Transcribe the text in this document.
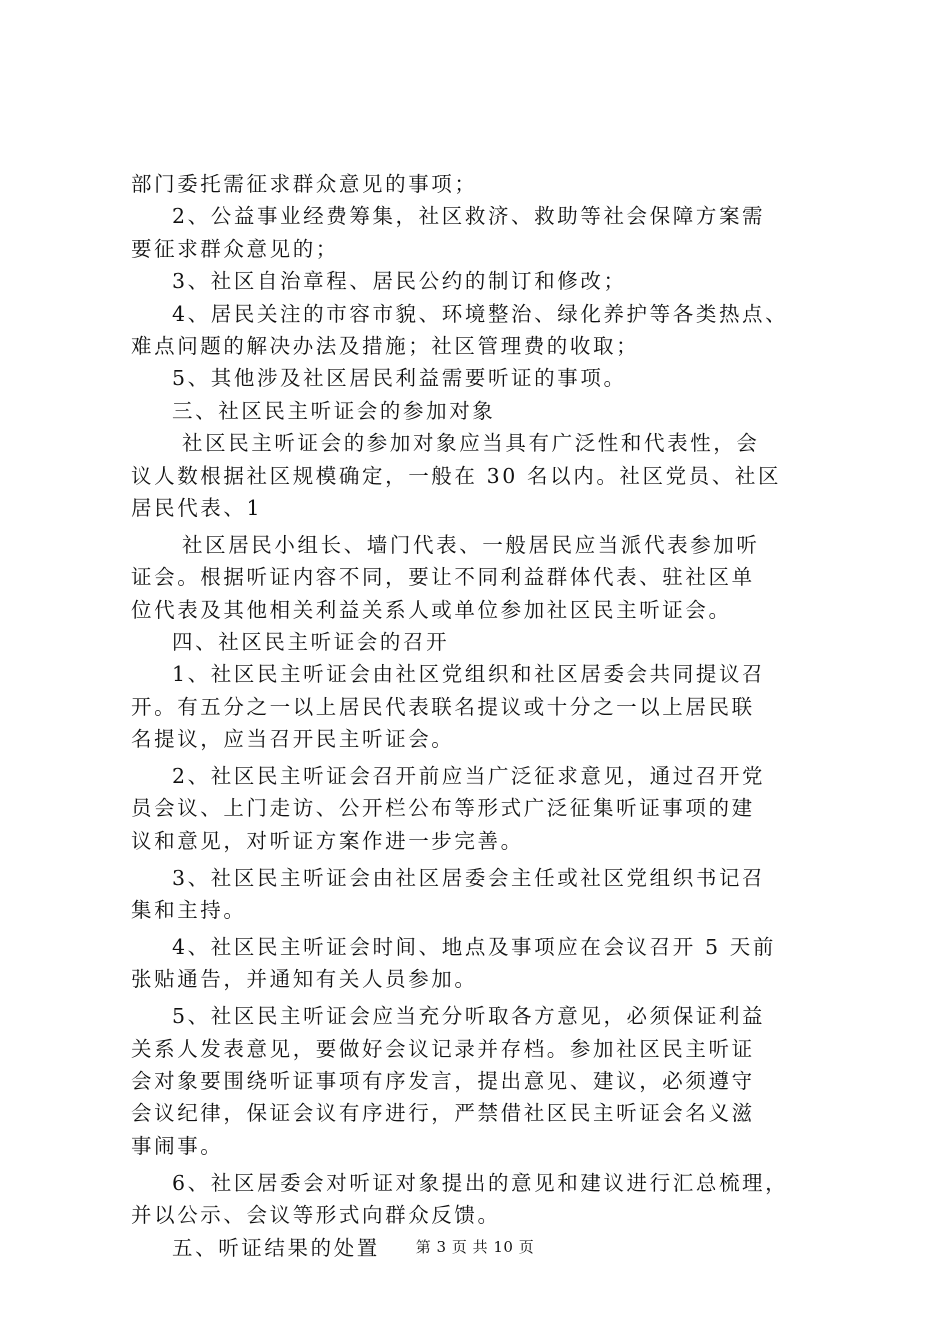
部门委托需征求群众意见的事项；
2、公益事业经费筹集，社区救济、救助等社会保障方案需
要征求群众意见的；
3、社区自治章程、居民公约的制订和修改；
4、居民关注的市容市貌、环境整治、绿化养护等各类热点、
难点问题的解决办法及措施；社区管理费的收取；
5、其他涉及社区居民利益需要听证的事项。
三、社区民主听证会的参加对象
社区民主听证会的参加对象应当具有广泛性和代表性，会
议人数根据社区规模确定，一般在 30 名以内。社区党员、社区
居民代表、1
社区居民小组长、墙门代表、一般居民应当派代表参加听
证会。根据听证内容不同，要让不同利益群体代表、驻社区单
位代表及其他相关利益关系人或单位参加社区民主听证会。
四、社区民主听证会的召开
1、社区民主听证会由社区党组织和社区居委会共同提议召
开。有五分之一以上居民代表联名提议或十分之一以上居民联
名提议，应当召开民主听证会。
2、社区民主听证会召开前应当广泛征求意见，通过召开党
员会议、上门走访、公开栏公布等形式广泛征集听证事项的建
议和意见，对听证方案作进一步完善。
3、社区民主听证会由社区居委会主任或社区党组织书记召
集和主持。
4、社区民主听证会时间、地点及事项应在会议召开 5 天前
张贴通告，并通知有关人员参加。
5、社区民主听证会应当充分听取各方意见，必须保证利益
关系人发表意见，要做好会议记录并存档。参加社区民主听证
会对象要围绕听证事项有序发言，提出意见、建议，必须遵守
会议纪律，保证会议有序进行，严禁借社区民主听证会名义滋
事闹事。
6、社区居委会对听证对象提出的意见和建议进行汇总梳理，
并以公示、会议等形式向群众反馈。
五、听证结果的处置	第 3 页 共 10 页
